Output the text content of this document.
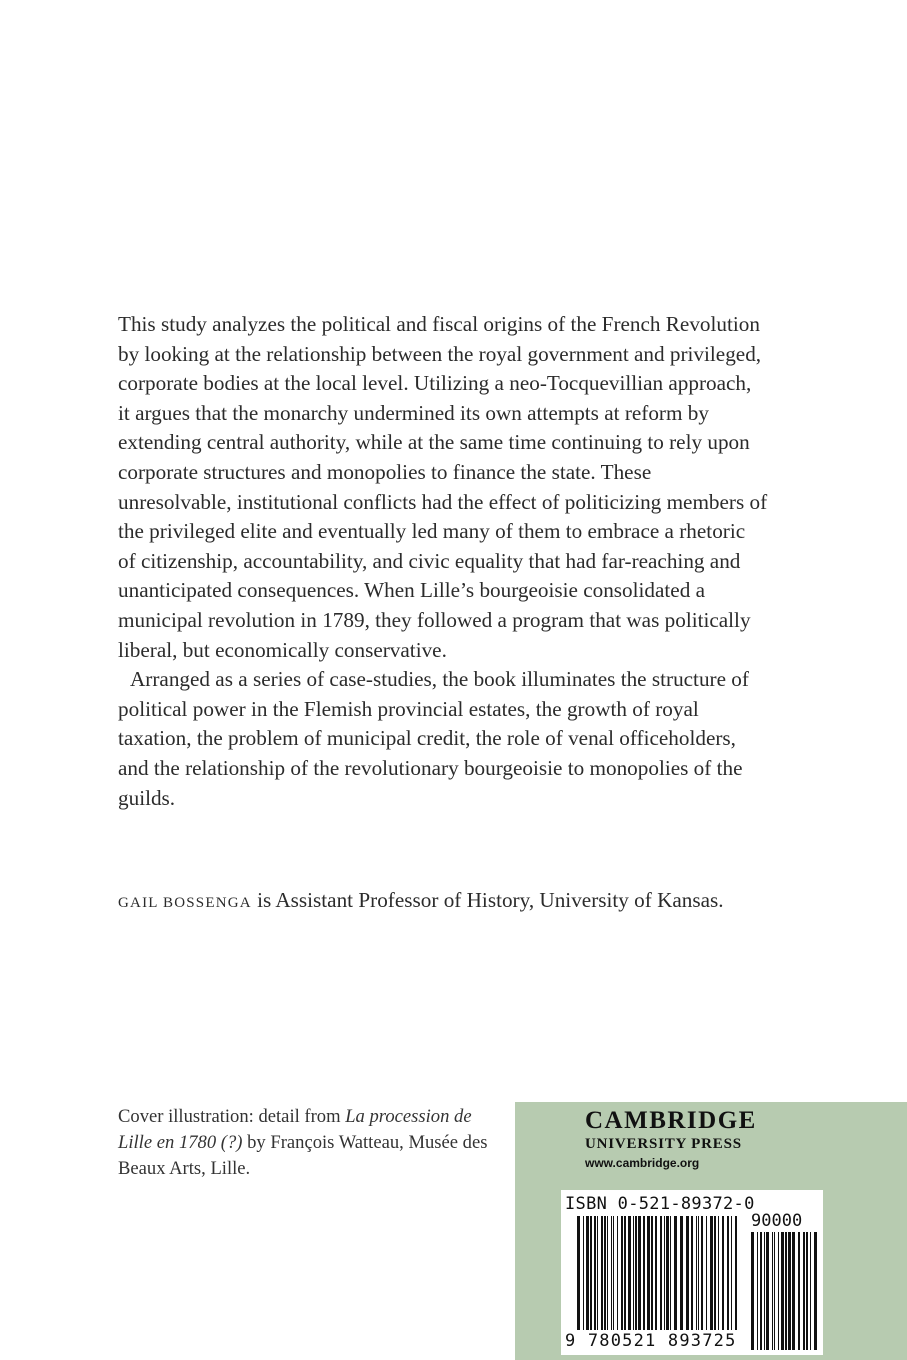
This study analyzes the political and fiscal origins of the French Revolution by looking at the relationship between the royal government and privileged, corporate bodies at the local level. Utilizing a neo-Tocquevillian approach, it argues that the monarchy undermined its own attempts at reform by extending central authority, while at the same time continuing to rely upon corporate structures and monopolies to finance the state. These unresolvable, institutional conflicts had the effect of politicizing members of the privileged elite and eventually led many of them to embrace a rhetoric of citizenship, accountability, and civic equality that had far-reaching and unanticipated consequences. When Lille’s bourgeoisie consolidated a municipal revolution in 1789, they followed a program that was politically liberal, but economically conservative.

Arranged as a series of case-studies, the book illuminates the structure of political power in the Flemish provincial estates, the growth of royal taxation, the problem of municipal credit, the role of venal officeholders, and the relationship of the revolutionary bourgeoisie to monopolies of the guilds.

GAIL BOSSENGA is Assistant Professor of History, University of Kansas.
Cover illustration: detail from La procession de Lille en 1780 (?) by François Watteau, Musée des Beaux Arts, Lille.
CAMBRIDGE
UNIVERSITY PRESS
www.cambridge.org
ISBN 0-521-89372-0
90000
9 780521 893725
